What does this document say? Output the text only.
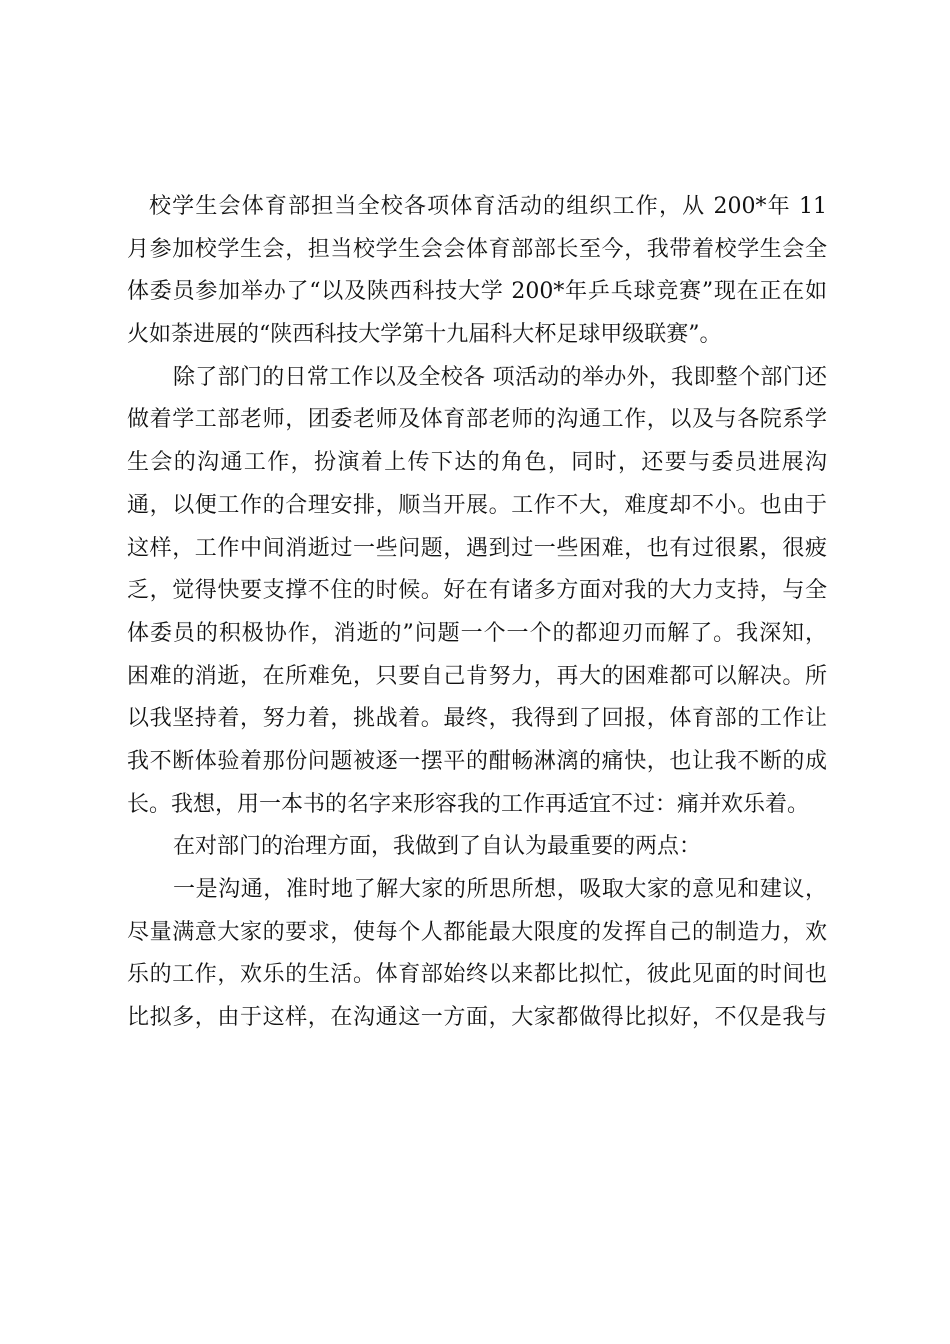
校学生会体育部担当全校各项体育活动的组织工作，从 200*年 11
月参加校学生会，担当校学生会会体育部部长至今，我带着校学生会全
体委员参加举办了“以及陕西科技大学 200*年乒乓球竞赛”现在正在如
火如荼进展的“陕西科技大学第十九届科大杯足球甲级联赛”。
除了部门的日常工作以及全校各 项活动的举办外，我即整个部门还
做着学工部老师，团委老师及体育部老师的沟通工作，以及与各院系学
生会的沟通工作，扮演着上传下达的角色，同时，还要与委员进展沟
通，以便工作的合理安排，顺当开展。工作不大，难度却不小。也由于
这样，工作中间消逝过一些问题，遇到过一些困难，也有过很累，很疲
乏，觉得快要支撑不住的时候。好在有诸多方面对我的大力支持，与全
体委员的积极协作，消逝的”问题一个一个的都迎刃而解了。我深知，
困难的消逝，在所难免，只要自己肯努力，再大的困难都可以解决。所
以我坚持着，努力着，挑战着。最终，我得到了回报，体育部的工作让
我不断体验着那份问题被逐一摆平的酣畅淋漓的痛快，也让我不断的成
长。我想，用一本书的名字来形容我的工作再适宜不过：痛并欢乐着。
在对部门的治理方面，我做到了自认为最重要的两点：
一是沟通，准时地了解大家的所思所想，吸取大家的意见和建议，
尽量满意大家的要求，使每个人都能最大限度的发挥自己的制造力，欢
乐的工作，欢乐的生活。体育部始终以来都比拟忙，彼此见面的时间也
比拟多，由于这样，在沟通这一方面，大家都做得比拟好，不仅是我与
